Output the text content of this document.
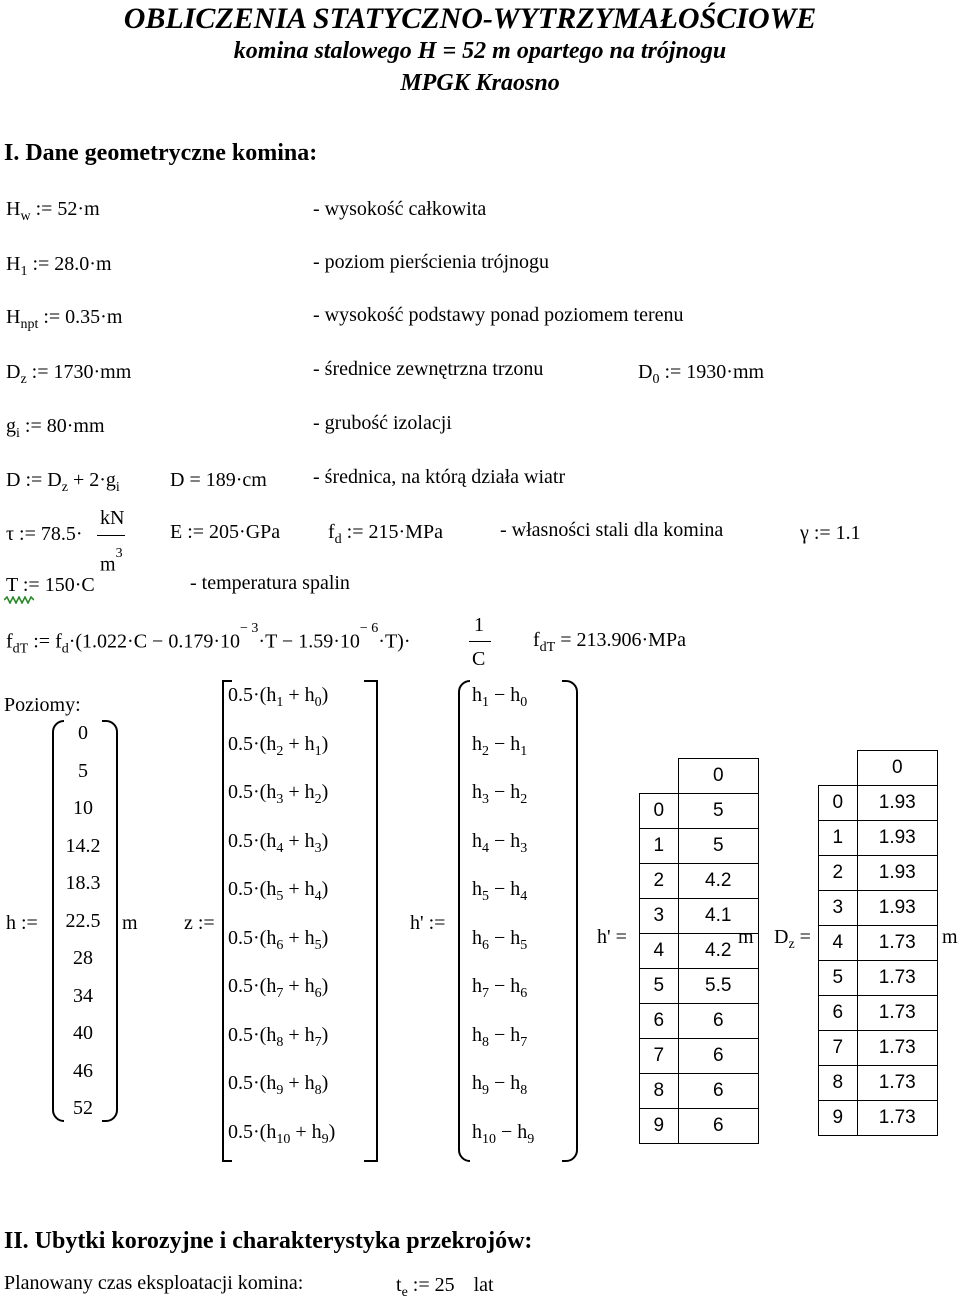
OBLICZENIA STATYCZNO-WYTRZYMAŁOŚCIOWE
komina stalowego H = 52 m opartego na trójnogu
MPGK Kraosno
I. Dane geometryczne komina:
$H_w$ := 52·m	- wysokość całkowita
$H_1$ := 28.0·m	- poziom pierścienia trójnogu
$H_{npt}$ := 0.35·m	- wysokość podstawy ponad poziomem terenu
$D_z$ := 1730·mm	- średnice zewnętrzna trzonu	$D_0$ := 1930·mm
$g_i$ := 80·mm	- grubość izolacji
D := $D_z + 2\cdot g_i$	D = 189·cm - średnica, na którą działa wiatr
τ := 78.5·
kN
$m^3$
E := 205·GPa $f_d$ := 215·MPa	- własności stali dla komina	γ := 1.1
T := 150·C	- temperatura spalin
$f_{dT}$ := $f_d\cdot(1.022\cdot C - 0.179\cdot 10^{- 3}\cdot T - 1.59\cdot 10^{- 6}\cdot T)\cdot$
1
C
$f_{dT} = 213.906\cdot MPa$
Poziomy:
h :=
0
5
10
14.2
18.3
22.5
28
34
40
46
52
m z :=
$0.5\cdot(h_1 + h_0)$
$0.5\cdot(h_2 + h_1)$
$0.5\cdot(h_3 + h_2)$
$0.5\cdot(h_4 + h_3)$
$0.5\cdot(h_5 + h_4)$
$0.5\cdot(h_6 + h_5)$
$0.5\cdot(h_7 + h_6)$
$0.5\cdot(h_8 + h_7)$
$0.5\cdot(h_9 + h_8)$
$0.5\cdot(h_{10} + h_9)$
h' :=
$h_1 - h_0$
$h_2 - h_1$
$h_3 - h_2$
$h_4 - h_3$
$h_5 - h_4$
$h_6 - h_5$
$h_7 - h_6$
$h_8 - h_7$
$h_9 - h_8$
$h_{10} - h_9$
h' =
	0
0	5
1	5
2	4.2
3	4.1
4	4.2
5	5.5
6	6
7	6
8	6
9	6
m $D_z$ =
	0
0	1.93
1	1.93
2	1.93
3	1.93
4	1.73
5	1.73
6	1.73
7	1.73
8	1.73
9	1.73
m
II. Ubytki korozyjne i charakterystyka przekrojów:
Planowany czas eksploatacji komina:	$t_e$ := 25 lat
